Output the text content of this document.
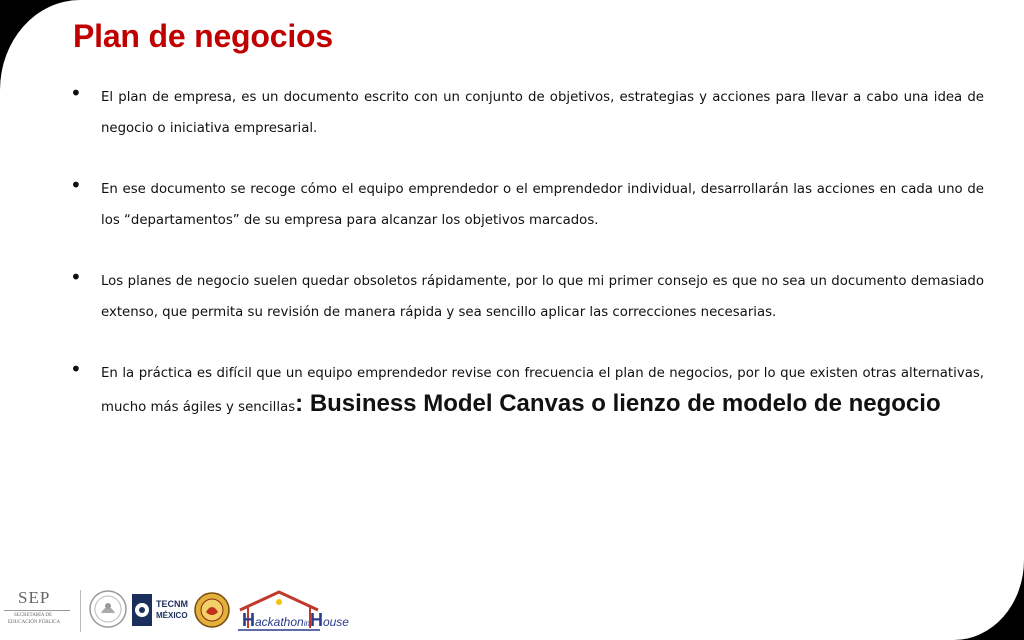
Plan de negocios
• El plan de empresa, es un documento escrito con un conjunto de objetivos, estrategias y acciones para llevar a cabo una idea de negocio o iniciativa empresarial.
• En ese documento se recoge cómo el equipo emprendedor o el emprendedor individual, desarrollarán las acciones en cada uno de los “departamentos” de su empresa para alcanzar los objetivos marcados.
• Los planes de negocio suelen quedar obsoletos rápidamente, por lo que mi primer consejo es que no sea un documento demasiado extenso, que permita su revisión de manera rápida y sea sencillo aplicar las correcciones necesarias.
• En la práctica es difícil que un equipo emprendedor revise con frecuencia el plan de negocios, por lo que existen otras alternativas, mucho más ágiles y sencillas: Business Model Canvas o lienzo de modelo de negocio
SEP
SECRETARÍA DE
EDUCACIÓN PÚBLICA
TECNM
MÉXICO	HackathoninHouse
